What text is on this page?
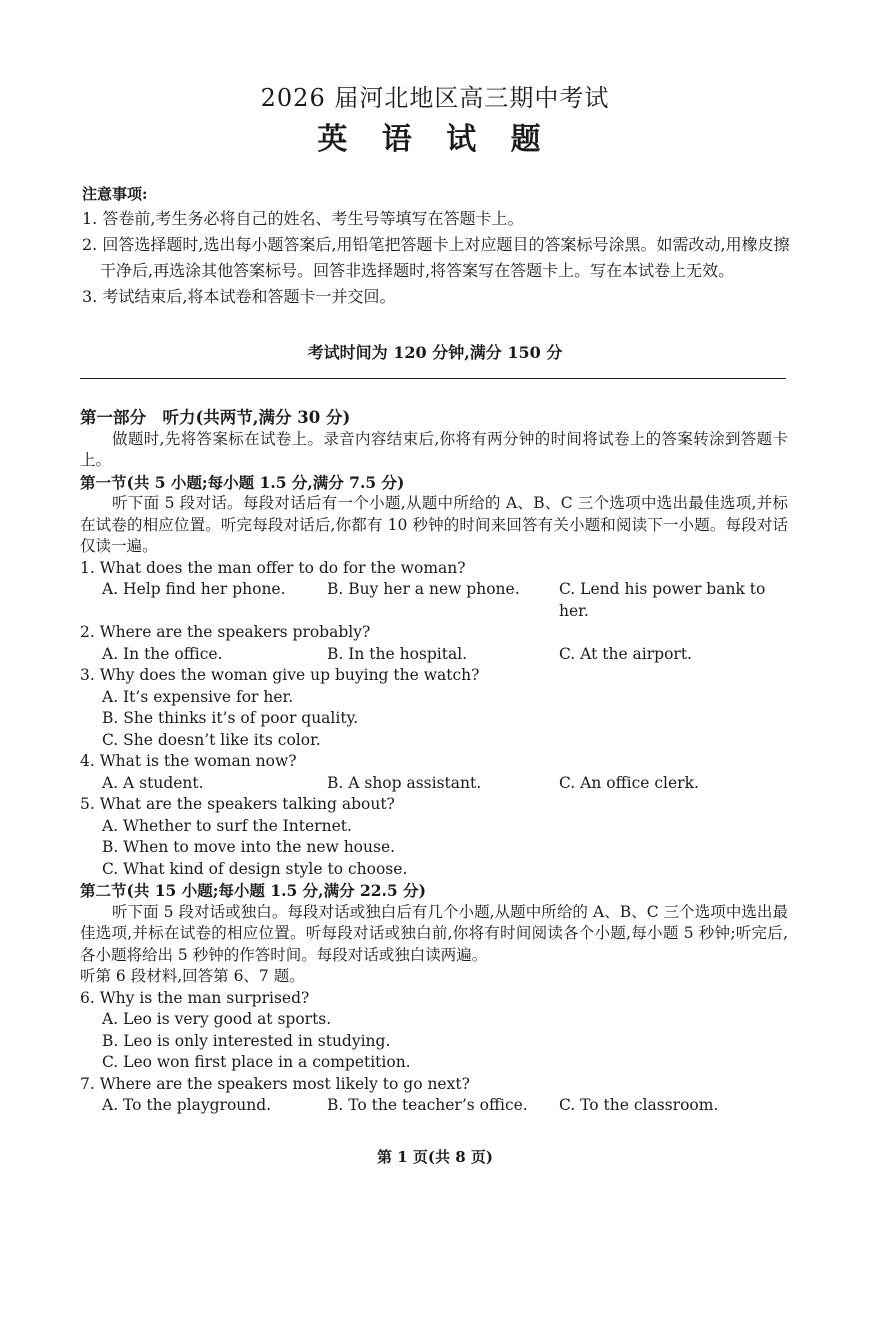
2026 届河北地区高三期中考试
英 语 试 题
注意事项:
1. 答卷前,考生务必将自己的姓名、考生号等填写在答题卡上。
2. 回答选择题时,选出每小题答案后,用铅笔把答题卡上对应题目的答案标号涂黑。如需改动,用橡皮擦干净后,再选涂其他答案标号。回答非选择题时,将答案写在答题卡上。写在本试卷上无效。
3. 考试结束后,将本试卷和答题卡一并交回。
考试时间为 120 分钟,满分 150 分
第一部分　听力(共两节,满分 30 分)
做题时,先将答案标在试卷上。录音内容结束后,你将有两分钟的时间将试卷上的答案转涂到答题卡上。
第一节(共 5 小题;每小题 1.5 分,满分 7.5 分)
听下面 5 段对话。每段对话后有一个小题,从题中所给的 A、B、C 三个选项中选出最佳选项,并标在试卷的相应位置。听完每段对话后,你都有 10 秒钟的时间来回答有关小题和阅读下一小题。每段对话仅读一遍。
1. What does the man offer to do for the woman?
A. Help find her phone.	B. Buy her a new phone.	C. Lend his power bank to her.
2. Where are the speakers probably?
A. In the office.	B. In the hospital.	C. At the airport.
3. Why does the woman give up buying the watch?
A. It’s expensive for her.
B. She thinks it’s of poor quality.
C. She doesn’t like its color.
4. What is the woman now?
A. A student.	B. A shop assistant.	C. An office clerk.
5. What are the speakers talking about?
A. Whether to surf the Internet.
B. When to move into the new house.
C. What kind of design style to choose.
第二节(共 15 小题;每小题 1.5 分,满分 22.5 分)
听下面 5 段对话或独白。每段对话或独白后有几个小题,从题中所给的 A、B、C 三个选项中选出最佳选项,并标在试卷的相应位置。听每段对话或独白前,你将有时间阅读各个小题,每小题 5 秒钟;听完后,各小题将给出 5 秒钟的作答时间。每段对话或独白读两遍。
听第 6 段材料,回答第 6、7 题。
6. Why is the man surprised?
A. Leo is very good at sports.
B. Leo is only interested in studying.
C. Leo won first place in a competition.
7. Where are the speakers most likely to go next?
A. To the playground.	B. To the teacher’s office.	C. To the classroom.
第 1 页(共 8 页)
